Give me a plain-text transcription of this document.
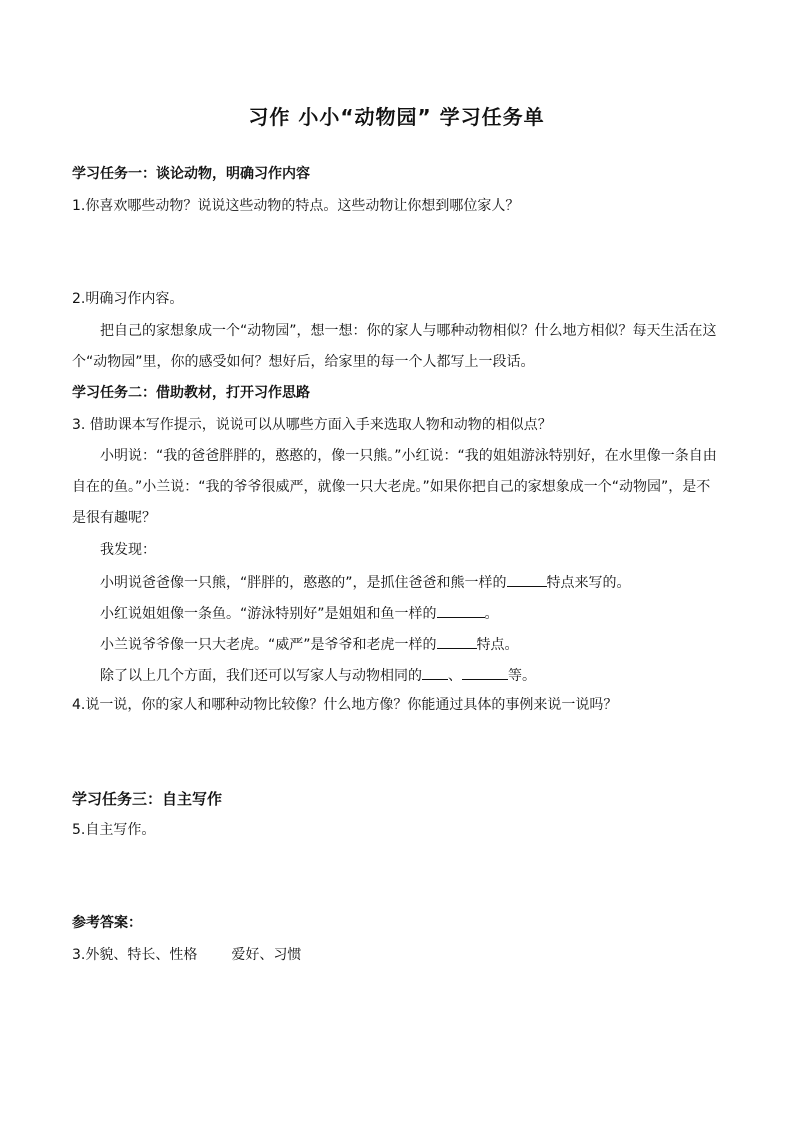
习作 小小“动物园” 学习任务单
学习任务一：谈论动物，明确习作内容
1.你喜欢哪些动物？说说这些动物的特点。这些动物让你想到哪位家人？
2.明确习作内容。
把自己的家想象成一个“动物园”，想一想：你的家人与哪种动物相似？什么地方相似？每天生活在这
个“动物园”里，你的感受如何？想好后，给家里的每一个人都写上一段话。
学习任务二：借助教材，打开习作思路
3. 借助课本写作提示，说说可以从哪些方面入手来选取人物和动物的相似点？
小明说：“我的爸爸胖胖的，憨憨的，像一只熊。”小红说：“我的姐姐游泳特别好，在水里像一条自由
自在的鱼。”小兰说：“我的爷爷很威严，就像一只大老虎。”如果你把自己的家想象成一个“动物园”，是不
是很有趣呢？
我发现：
小明说爸爸像一只熊，“胖胖的，憨憨的”，是抓住爸爸和熊一样的	特点来写的。
小红说姐姐像一条鱼。“游泳特别好”是姐姐和鱼一样的	。
小兰说爷爷像一只大老虎。“威严”是爷爷和老虎一样的	特点。
除了以上几个方面，我们还可以写家人与动物相同的 、	等。
4.说一说，你的家人和哪种动物比较像？什么地方像？你能通过具体的事例来说一说吗？
学习任务三：自主写作
5.自主写作。
参考答案：
3.外貌、特长、性格 爱好、习惯
